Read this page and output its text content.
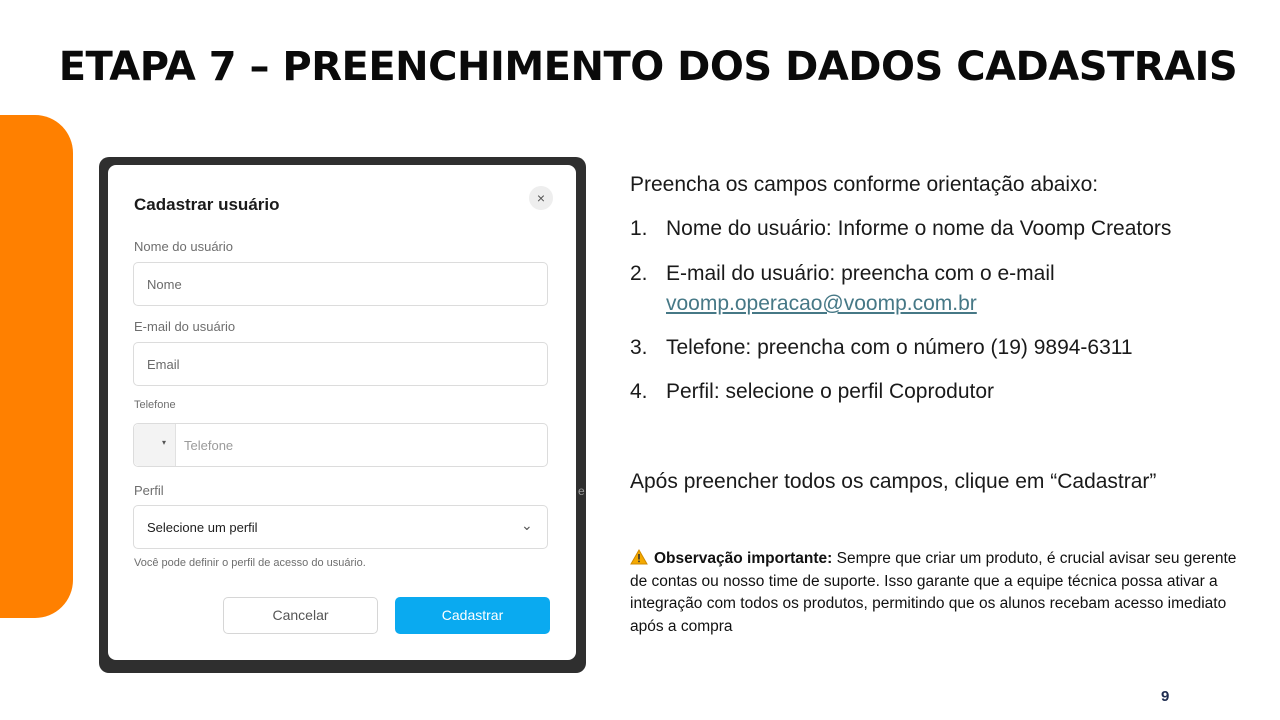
ETAPA 7 – PREENCHIMENTO DOS DADOS CADASTRAIS
Cadastrar usuário	×
Nome do usuário
Nome
E-mail do usuário
Email
Telefone
▾ Telefone
Perfil
Selecione um perfil	⌄
Você pode definir o perfil de acesso do usuário.
Cancelar	Cadastrar
e
Preencha os campos conforme orientação abaixo:
1. Nome do usuário: Informe o nome da Voomp Creators
2. E-mail do usuário: preencha com o e-mail
voomp.operacao@voomp.com.br
3. Telefone: preencha com o número (19) 9894-6311
4. Perfil: selecione o perfil Coprodutor
Após preencher todos os campos, clique em “Cadastrar”
Observação importante: Sempre que criar um produto, é crucial avisar seu gerente de contas ou nosso time de suporte. Isso garante que a equipe técnica possa ativar a integração com todos os produtos, permitindo que os alunos recebam acesso imediato após a compra
9
